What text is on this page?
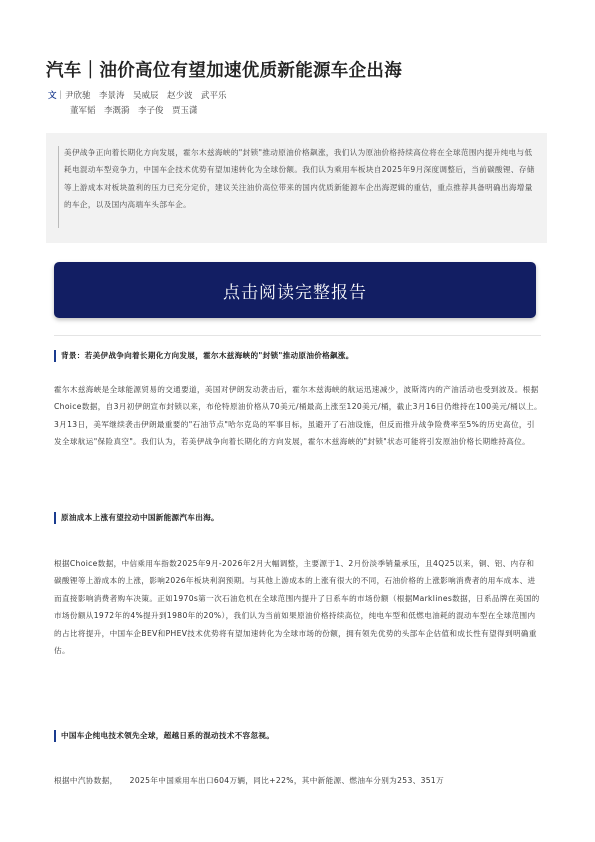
汽车｜油价高位有望加速优质新能源车企出海
文｜尹欣驰　李景涛　吴威辰　赵少波　武平乐
董军韬　李溉漪　李子俊　贾玉潇

美伊战争正向着长期化方向发展，霍尔木兹海峡的"封锁"推动原油价格飙涨，我们认为原油价格持续高位将在全球范围内提升纯电与低耗电混动车型竞争力，中国车企技术优势有望加速转化为全球份额。我们认为乘用车板块自2025年9月深度调整后，当前碳酸锂、存储等上游成本对板块盈利的压力已充分定价，建议关注油价高位带来的国内优质新能源车企出海逻辑的重估，重点推荐具备明确出海增量的车企，以及国内高端车头部车企。

点击阅读完整报告
背景：若美伊战争向着长期化方向发展，霍尔木兹海峡的"封锁"推动原油价格飙涨。

霍尔木兹海峡是全球能源贸易的交通要道，美国对伊朗发动袭击后，霍尔木兹海峡的航运迅速减少，波斯湾内的产油活动也受到波及。根据Choice数据，自3月初伊朗宣布封锁以来，布伦特原油价格从70美元/桶最高上涨至120美元/桶，截止3月16日仍维持在100美元/桶以上。3月13日，美军继续袭击伊朗最重要的"石油节点"哈尔克岛的军事目标，虽避开了石油设施，但反而推升战争险费率至5%的历史高位，引发全球航运"保险真空"。我们认为，若美伊战争向着长期化的方向发展，霍尔木兹海峡的"封锁"状态可能将引发原油价格长期维持高位。

原油成本上涨有望拉动中国新能源汽车出海。

根据Choice数据，中信乘用车指数2025年9月-2026年2月大幅调整，主要源于1、2月份淡季销量承压，且4Q25以来，铜、铝、内存和碳酸锂等上游成本的上涨，影响2026年板块利润预期。与其他上游成本的上涨有很大的不同，石油价格的上涨影响消费者的用车成本、进而直接影响消费者购车决策。正如1970s第一次石油危机在全球范围内提升了日系车的市场份额（根据Marklines数据，日系品牌在美国的市场份额从1972年的4%提升到1980年的20%），我们认为当前如果原油价格持续高位，纯电车型和低燃电油耗的混动车型在全球范围内的占比将提升，中国车企BEV和PHEV技术优势将有望加速转化为全球市场的份额，拥有领先优势的头部车企估值和成长性有望得到明确重估。

中国车企纯电技术领先全球，超越日系的混动技术不容忽视。

根据中汽协数据，　　2025年中国乘用车出口604万辆，同比+22%，其中新能源、燃油车分别为253、351万
